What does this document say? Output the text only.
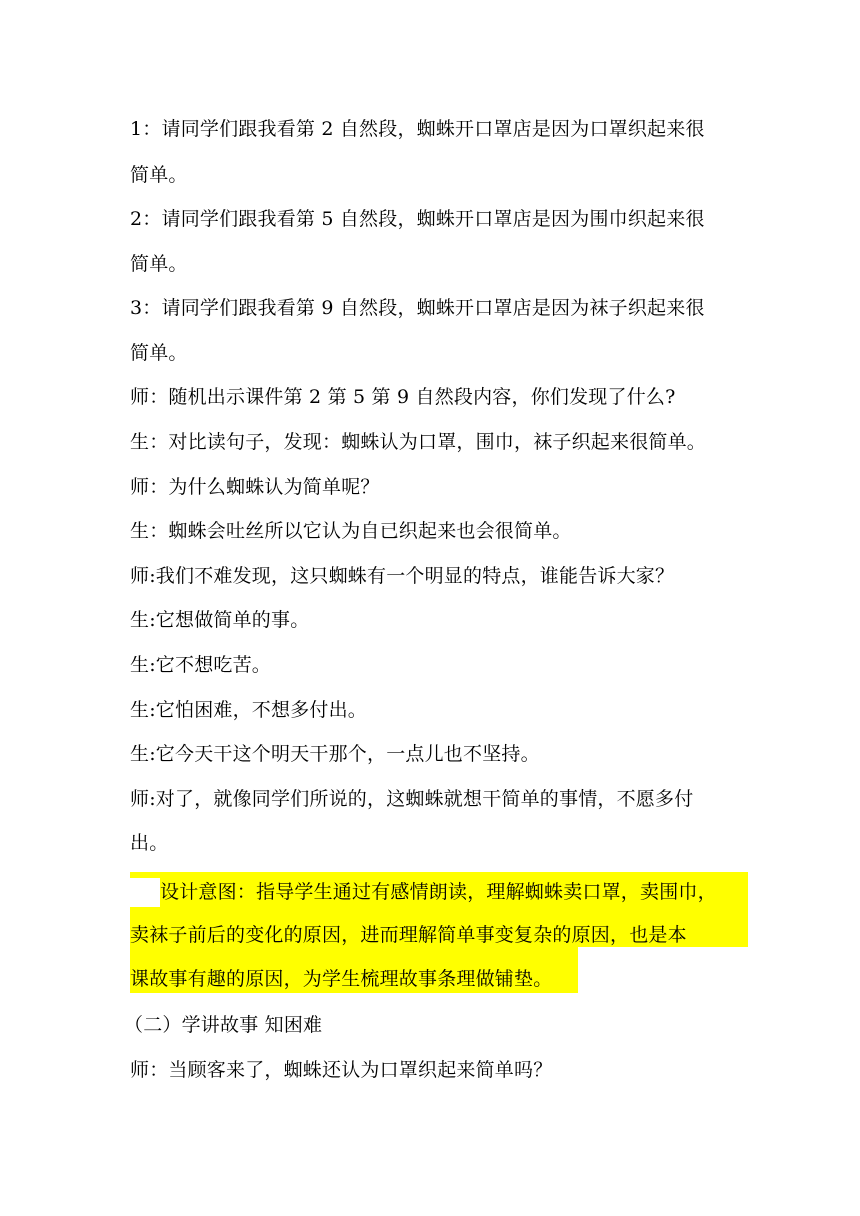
1：请同学们跟我看第 2 自然段，蜘蛛开口罩店是因为口罩织起来很
简单。
2：请同学们跟我看第 5 自然段，蜘蛛开口罩店是因为围巾织起来很
简单。
3：请同学们跟我看第 9 自然段，蜘蛛开口罩店是因为袜子织起来很
简单。
师：随机出示课件第 2 第 5 第 9 自然段内容，你们发现了什么?
生：对比读句子，发现：蜘蛛认为口罩，围巾，袜子织起来很简单。
师：为什么蜘蛛认为简单呢？
生：蜘蛛会吐丝所以它认为自已织起来也会很简单。
师:我们不难发现，这只蜘蛛有一个明显的特点，谁能告诉大家？
生:它想做简单的事。
生:它不想吃苦。
生:它怕困难，不想多付出。
生:它今天干这个明天干那个，一点儿也不坚持。
师:对了，就像同学们所说的，这蜘蛛就想干简单的事情，不愿多付
出。
设计意图：指导学生通过有感情朗读，理解蜘蛛卖口罩，卖围巾，
卖袜子前后的变化的原因，进而理解简单事变复杂的原因，也是本
课故事有趣的原因，为学生梳理故事条理做铺垫。
（二）学讲故事 知困难
师：当顾客来了，蜘蛛还认为口罩织起来简单吗？
